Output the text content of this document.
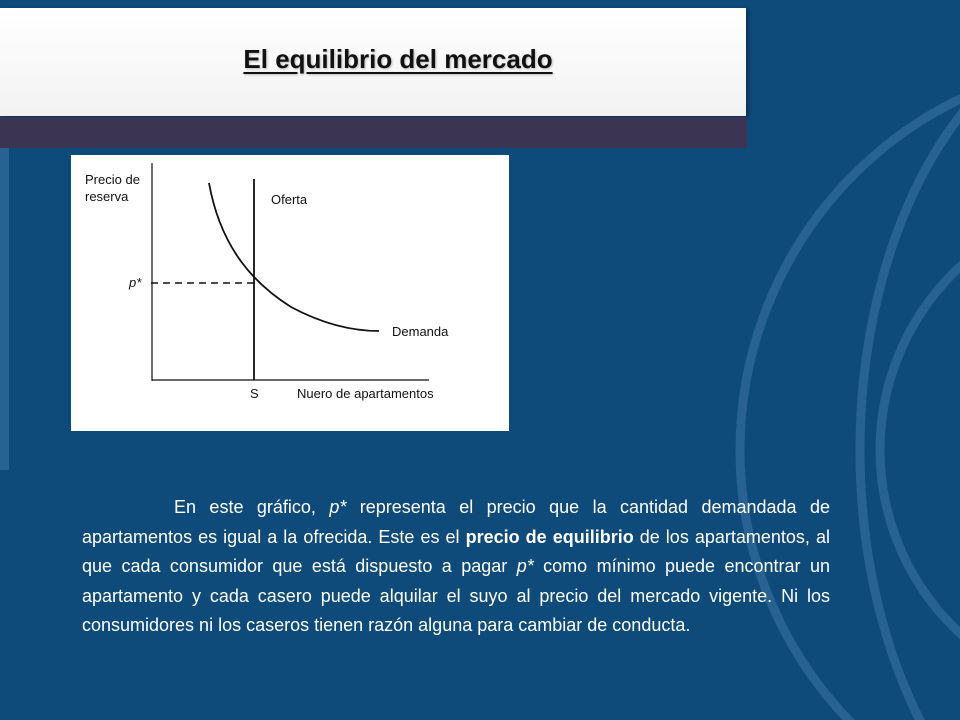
El equilibrio del mercado
Precio de
reserva
p*
Oferta
Demanda
S	Nuero de apartamentos

En este gráfico, p* representa el precio que la cantidad demandada de apartamentos es igual a la ofrecida. Este es el precio de equilibrio de los apartamentos, al que cada consumidor que está dispuesto a pagar p* como mínimo puede encontrar un apartamento y cada casero puede alquilar el suyo al precio del mercado vigente. Ni los consumidores ni los caseros tienen razón alguna para cambiar de conducta.
